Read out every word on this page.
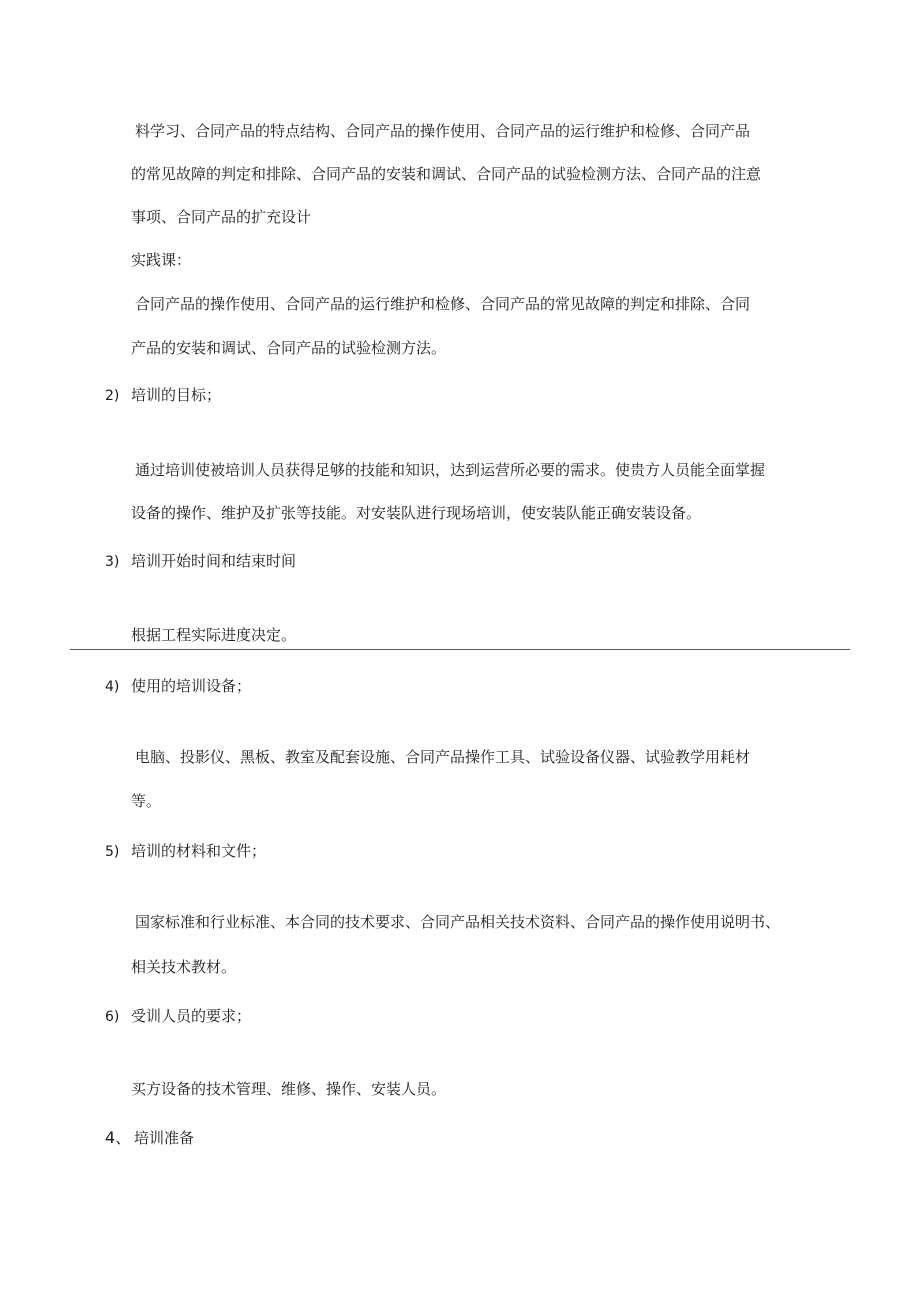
料学习、合同产品的特点结构、合同产品的操作使用、合同产品的运行维护和检修、合同产品
的常见故障的判定和排除、合同产品的安装和调试、合同产品的试验检测方法、合同产品的注意
事项、合同产品的扩充设计
实践课：
合同产品的操作使用、合同产品的运行维护和检修、合同产品的常见故障的判定和排除、合同
产品的安装和调试、合同产品的试验检测方法。
2) 培训的目标；
通过培训使被培训人员获得足够的技能和知识，达到运营所必要的需求。使贵方人员能全面掌握
设备的操作、维护及扩张等技能。对安装队进行现场培训，使安装队能正确安装设备。
3) 培训开始时间和结束时间
根据工程实际进度决定。
4) 使用的培训设备；
电脑、投影仪、黑板、教室及配套设施、合同产品操作工具、试验设备仪器、试验教学用耗材
等。
5) 培训的材料和文件；
国家标准和行业标准、本合同的技术要求、合同产品相关技术资料、合同产品的操作使用说明书、
相关技术教材。
6) 受训人员的要求；
买方设备的技术管理、维修、操作、安装人员。
4、 培训准备
